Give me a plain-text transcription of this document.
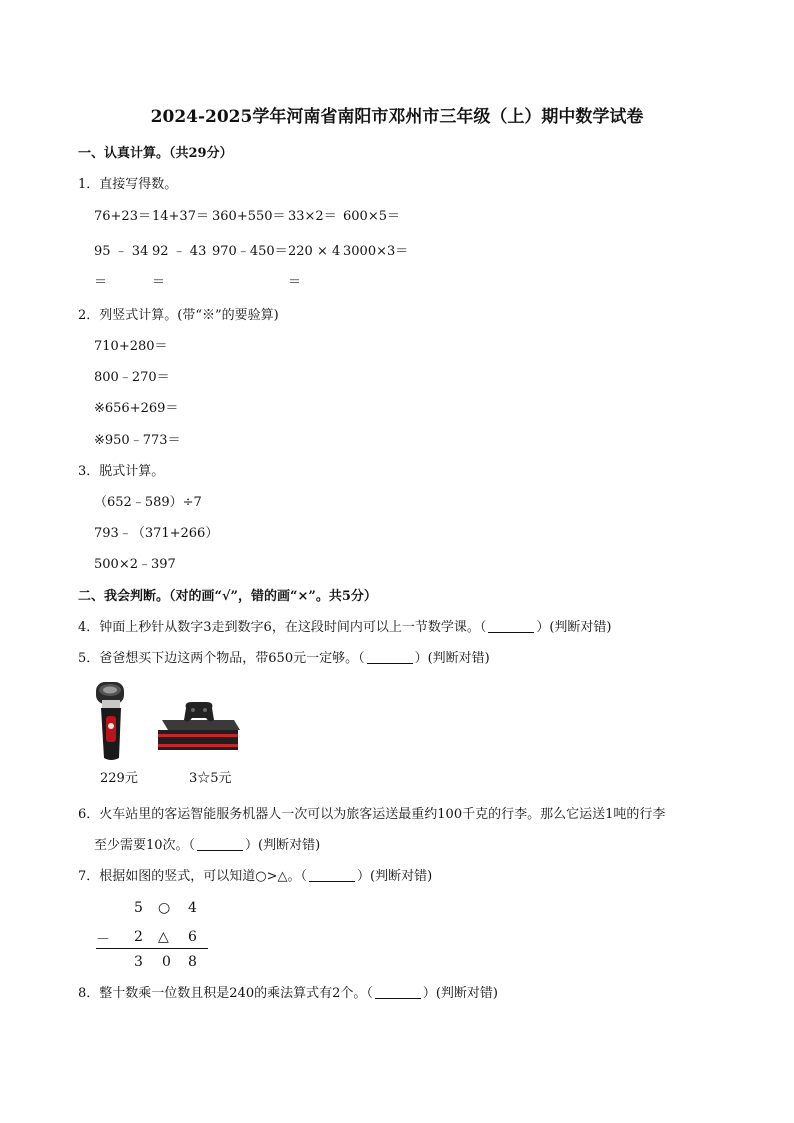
2024-2025学年河南省南阳市邓州市三年级（上）期中数学试卷
一、认真计算。（共29分）
1．直接写得数。
76+23＝ 14+37＝ 360+550＝ 33×2＝ 600×5＝
95 ﹣ 34 92 ﹣ 43 970﹣450＝ 220 × 4 3000×3＝
＝	＝	＝
2．列竖式计算。(带“※”的要验算)
710+280＝
800﹣270＝
※656+269＝
※950﹣773＝
3．脱式计算。
（652﹣589）÷7
793﹣（371+266）
500×2﹣397
二、我会判断。（对的画“√”，错的画“×”。共5分）
4．钟面上秒针从数字3走到数字6，在这段时间内可以上一节数学课。（	）(判断对错)
5．爸爸想买下边这两个物品，带650元一定够。（	）(判断对错)
229元	3☆5元
6．火车站里的客运智能服务机器人一次可以为旅客运送最重约100千克的行李。那么它运送1吨的行李
至少需要10次。（	）(判断对错)
7．根据如图的竖式，可以知道○>△。（	）(判断对错)
5 ○ 4
－ 2 △ 6
3 0 8
8．整十数乘一位数且积是240的乘法算式有2个。（	）(判断对错)
